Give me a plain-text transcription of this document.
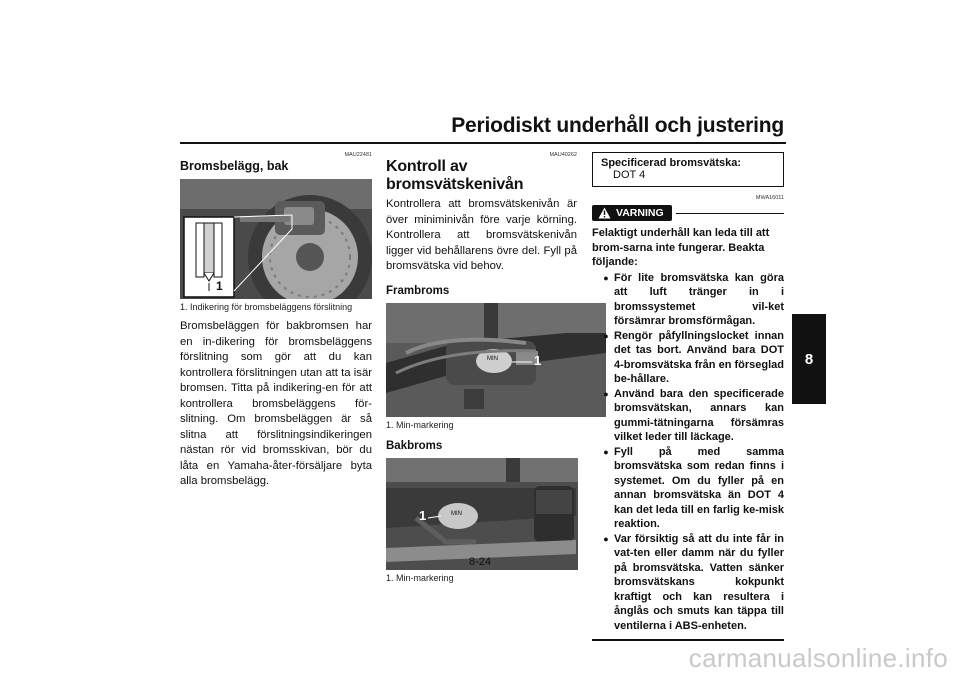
Periodiskt underhåll och justering
8
MAU22481
Bromsbelägg, bak
1
1. Indikering för bromsbeläggens förslitning

Bromsbeläggen för bakbromsen har en in-dikering för bromsbeläggens förslitning som gör att du kan kontrollera förslitningen utan att ta isär bromsen. Titta på indikering-en för att kontrollera bromsbeläggens för-slitning. Om bromsbeläggen är så slitna att förslitningsindikeringen nästan rör vid bromsskivan, bör du låta en Yamaha-åter-försäljare byta alla bromsbelägg.

MAU40262
Kontroll av bromsvätskenivån

Kontrollera att bromsvätskenivån är över miniminivån före varje körning. Kontrollera att bromsvätskenivån ligger vid behållarens övre del. Fyll på bromsvätska vid behov.

Frambroms
MIN	1
1. Min-markering
Bakbroms
MIN
1
1. Min-markering
Specificerad bromsvätska:
DOT 4
MWA16011
VARNING
Felaktigt underhåll kan leda till att brom-sarna inte fungerar. Beakta följande:
● För lite bromsvätska kan göra att luft tränger in i bromssystemet vil-ket försämrar bromsförmågan.
● Rengör påfyllningslocket innan det tas bort. Använd bara DOT 4-bromsvätska från en förseglad be-hållare.
● Använd bara den specificerade bromsvätskan, annars kan gummi-tätningarna försämras vilket leder till läckage.
● Fyll på med samma bromsvätska som redan finns i systemet. Om du fyller på en annan bromsvätska än DOT 4 kan det leda till en farlig ke-misk reaktion.
● Var försiktig så att du inte får in vat-ten eller damm när du fyller på bromsvätska. Vatten sänker bromsvätskans kokpunkt kraftigt och kan resultera i ånglås och smuts kan täppa till ventilerna i ABS-enheten.
8-24
carmanualsonline.info
